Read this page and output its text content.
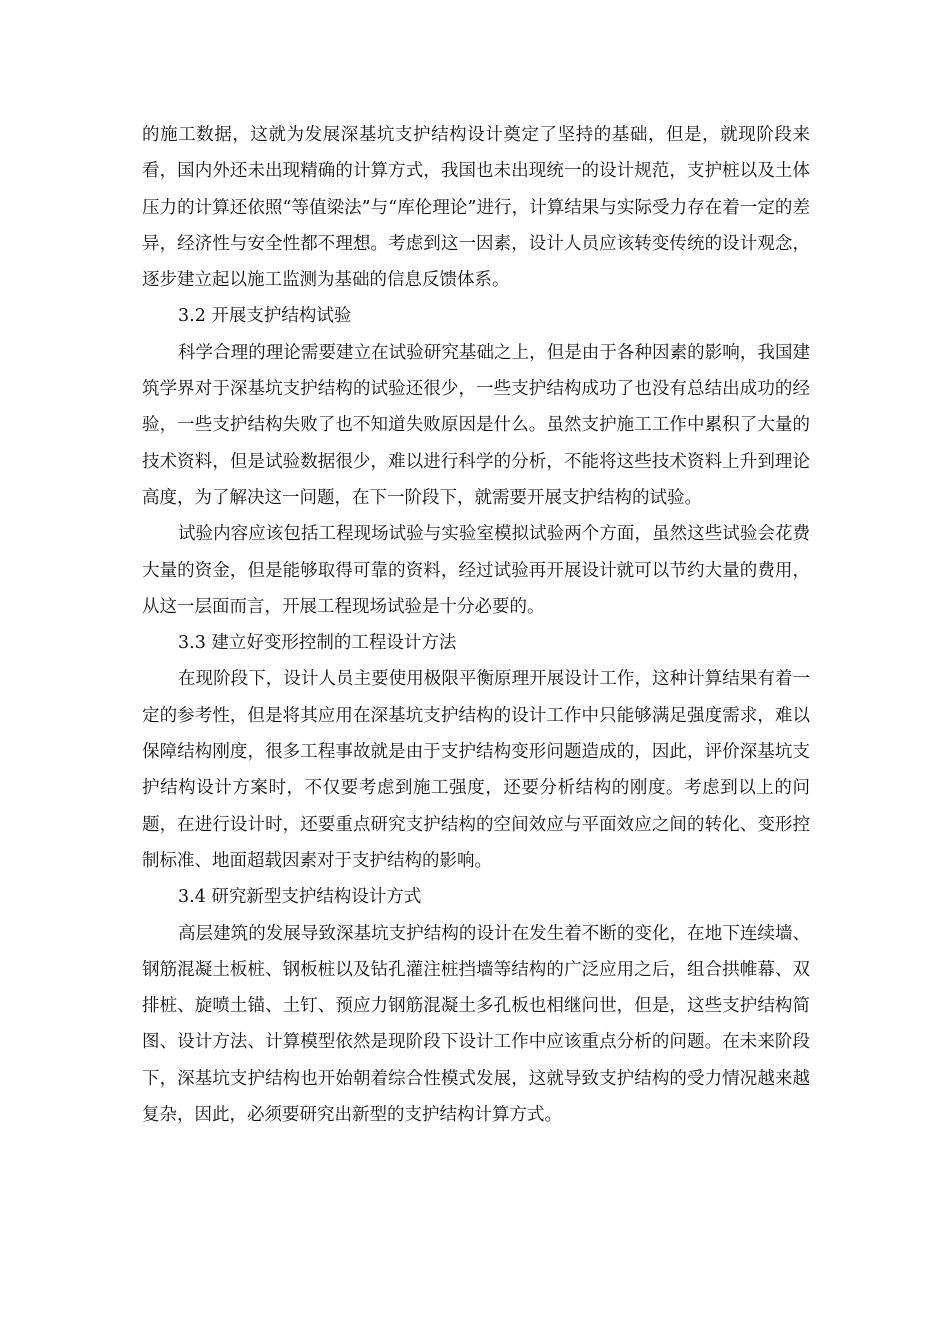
的施工数据，这就为发展深基坑支护结构设计奠定了坚持的基础，但是，就现阶段来看，国内外还未出现精确的计算方式，我国也未出现统一的设计规范，支护桩以及土体压力的计算还依照“等值梁法”与“库伦理论”进行，计算结果与实际受力存在着一定的差异，经济性与安全性都不理想。考虑到这一因素，设计人员应该转变传统的设计观念，逐步建立起以施工监测为基础的信息反馈体系。

3.2 开展支护结构试验

科学合理的理论需要建立在试验研究基础之上，但是由于各种因素的影响，我国建筑学界对于深基坑支护结构的试验还很少，一些支护结构成功了也没有总结出成功的经验，一些支护结构失败了也不知道失败原因是什么。虽然支护施工工作中累积了大量的技术资料，但是试验数据很少，难以进行科学的分析，不能将这些技术资料上升到理论高度，为了解决这一问题，在下一阶段下，就需要开展支护结构的试验。

试验内容应该包括工程现场试验与实验室模拟试验两个方面，虽然这些试验会花费大量的资金，但是能够取得可靠的资料，经过试验再开展设计就可以节约大量的费用，从这一层面而言，开展工程现场试验是十分必要的。

3.3 建立好变形控制的工程设计方法

在现阶段下，设计人员主要使用极限平衡原理开展设计工作，这种计算结果有着一定的参考性，但是将其应用在深基坑支护结构的设计工作中只能够满足强度需求，难以保障结构刚度，很多工程事故就是由于支护结构变形问题造成的，因此，评价深基坑支护结构设计方案时，不仅要考虑到施工强度，还要分析结构的刚度。考虑到以上的问题，在进行设计时，还要重点研究支护结构的空间效应与平面效应之间的转化、变形控制标准、地面超载因素对于支护结构的影响。

3.4 研究新型支护结构设计方式

高层建筑的发展导致深基坑支护结构的设计在发生着不断的变化，在地下连续墙、钢筋混凝土板桩、钢板桩以及钻孔灌注桩挡墙等结构的广泛应用之后，组合拱帷幕、双排桩、旋喷土锚、土钉、预应力钢筋混凝土多孔板也相继问世，但是，这些支护结构简图、设计方法、计算模型依然是现阶段下设计工作中应该重点分析的问题。在未来阶段下，深基坑支护结构也开始朝着综合性模式发展，这就导致支护结构的受力情况越来越复杂，因此，必须要研究出新型的支护结构计算方式。
